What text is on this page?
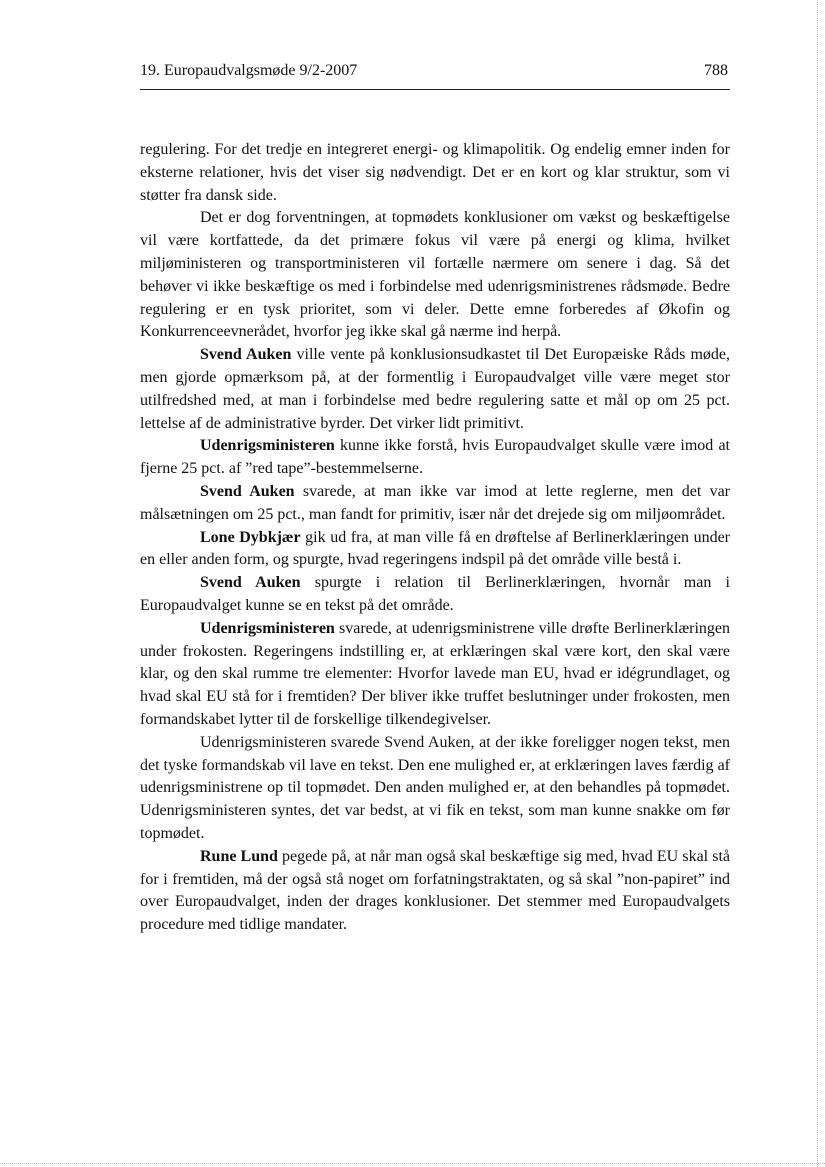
19. Europaudvalgsmøde 9/2-2007	788

regulering. For det tredje en integreret energi- og klimapolitik. Og endelig emner inden for eksterne relationer, hvis det viser sig nødvendigt. Det er en kort og klar struktur, som vi støtter fra dansk side.

Det er dog forventningen, at topmødets konklusioner om vækst og beskæftigelse vil være kortfattede, da det primære fokus vil være på energi og klima, hvilket miljøministeren og transportministeren vil fortælle nærmere om senere i dag. Så det behøver vi ikke beskæftige os med i forbindelse med udenrigsministrenes rådsmøde. Bedre regulering er en tysk prioritet, som vi deler. Dette emne forberedes af Økofin og Konkurrenceevnerådet, hvorfor jeg ikke skal gå nærme ind herpå.

Svend Auken ville vente på konklusionsudkastet til Det Europæiske Råds møde, men gjorde opmærksom på, at der formentlig i Europaudvalget ville være meget stor utilfredshed med, at man i forbindelse med bedre regulering satte et mål op om 25 pct. lettelse af de administrative byrder. Det virker lidt primitivt.

Udenrigsministeren kunne ikke forstå, hvis Europaudvalget skulle være imod at fjerne 25 pct. af ”red tape”-bestemmelserne.

Svend Auken svarede, at man ikke var imod at lette reglerne, men det var målsætningen om 25 pct., man fandt for primitiv, især når det drejede sig om miljøområdet.

Lone Dybkjær gik ud fra, at man ville få en drøftelse af Berlinerklæringen under en eller anden form, og spurgte, hvad regeringens indspil på det område ville bestå i.

Svend Auken spurgte i relation til Berlinerklæringen, hvornår man i Europaudvalget kunne se en tekst på det område.

Udenrigsministeren svarede, at udenrigsministrene ville drøfte Berlinerklæringen under frokosten. Regeringens indstilling er, at erklæringen skal være kort, den skal være klar, og den skal rumme tre elementer: Hvorfor lavede man EU, hvad er idégrundlaget, og hvad skal EU stå for i fremtiden? Der bliver ikke truffet beslutninger under frokosten, men formandskabet lytter til de forskellige tilkendegivelser.

Udenrigsministeren svarede Svend Auken, at der ikke foreligger nogen tekst, men det tyske formandskab vil lave en tekst. Den ene mulighed er, at erklæringen laves færdig af udenrigsministrene op til topmødet. Den anden mulighed er, at den behandles på topmødet. Udenrigsministeren syntes, det var bedst, at vi fik en tekst, som man kunne snakke om før topmødet.

Rune Lund pegede på, at når man også skal beskæftige sig med, hvad EU skal stå for i fremtiden, må der også stå noget om forfatningstraktaten, og så skal ”non-papiret” ind over Europaudvalget, inden der drages konklusioner. Det stemmer med Europaudvalgets procedure med tidlige mandater.
